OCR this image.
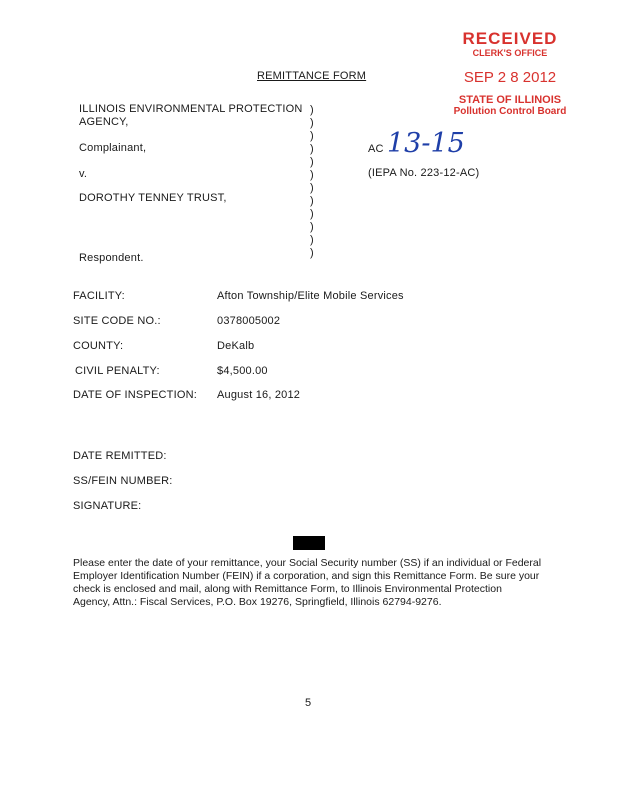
RECEIVED
CLERK'S OFFICE
SEP 2 8 2012
STATE OF ILLINOIS
Pollution Control Board
REMITTANCE FORM
ILLINOIS ENVIRONMENTAL PROTECTION
AGENCY,
Complainant,
v.
DOROTHY TENNEY TRUST,
Respondent.
)
)
)
)
)
)
)
)
)
)
)
)
AC 13-15
(IEPA No. 223-12-AC)
FACILITY:	Afton Township/Elite Mobile Services
SITE CODE NO.:	0378005002
COUNTY:	DeKalb
CIVIL PENALTY:	$4,500.00
DATE OF INSPECTION: August 16, 2012
DATE REMITTED:
SS/FEIN NUMBER:
SIGNATURE:
Please enter the date of your remittance, your Social Security number (SS) if an individual or Federal
Employer Identification Number (FEIN) if a corporation, and sign this Remittance Form. Be sure your
check is enclosed and mail, along with Remittance Form, to Illinois Environmental Protection
Agency, Attn.: Fiscal Services, P.O. Box 19276, Springfield, Illinois 62794-9276.
5
